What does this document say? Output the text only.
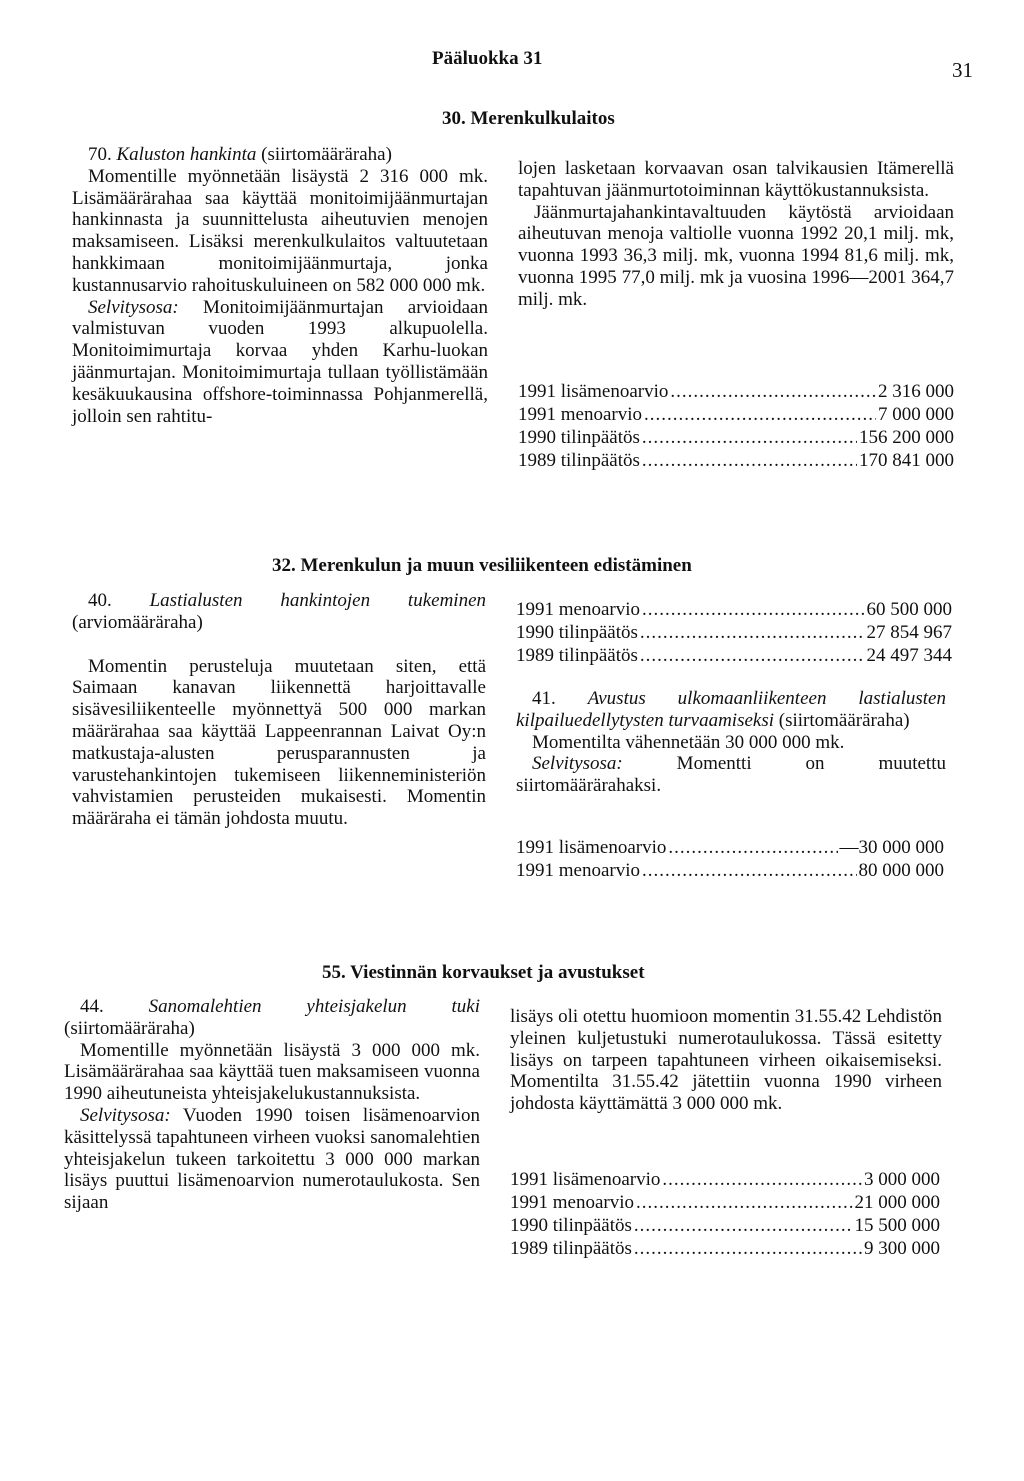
Pääluokka 31	31
30. Merenkulkulaitos

70. Kaluston hankinta (siirtomääräraha)

Momentille myönnetään lisäystä 2 316 000 mk. Lisämäärärahaa saa käyttää monitoimijäänmurtajan hankinnasta ja suunnittelusta aiheutuvien menojen maksamiseen. Lisäksi merenkulkulaitos valtuutetaan hankkimaan monitoimijäänmurtaja, jonka kustannusarvio rahoituskuluineen on 582 000 000 mk.

Selvitysosa: Monitoimijäänmurtajan arvioidaan valmistuvan vuoden 1993 alkupuolella. Monitoimimurtaja korvaa yhden Karhu-luokan jäänmurtajan. Monitoimimurtaja tullaan työllistämään kesäkuukausina offshore-toiminnassa Pohjanmerellä, jolloin sen rahtitu-

lojen lasketaan korvaavan osan talvikausien Itämerellä tapahtuvan jäänmurtotoiminnan käyttökustannuksista.

Jäänmurtajahankintavaltuuden käytöstä arvioidaan aiheutuvan menoja valtiolle vuonna 1992 20,1 milj. mk, vuonna 1993 36,3 milj. mk, vuonna 1994 81,6 milj. mk, vuonna 1995 77,0 milj. mk ja vuosina 1996—2001 364,7 milj. mk.

1991 lisämenoarvio .....	2 316 000
1991 menoarvio .....	7 000 000
1990 tilinpäätös .....	156 200 000
1989 tilinpäätös .....	170 841 000
32. Merenkulun ja muun vesiliikenteen edistäminen

40. Lastialusten hankintojen tukeminen (arviomääräraha)

Momentin perusteluja muutetaan siten, että Saimaan kanavan liikennettä harjoittavalle sisävesiliikenteelle myönnettyä 500 000 markan määrärahaa saa käyttää Lappeenrannan Laivat Oy:n matkustaja-alusten perusparannusten ja varustehankintojen tukemiseen liikenneministeriön vahvistamien perusteiden mukaisesti. Momentin määräraha ei tämän johdosta muutu.

1991 menoarvio .....	60 500 000
1990 tilinpäätös .....	27 854 967
1989 tilinpäätös .....	24 497 344

41. Avustus ulkomaanliikenteen lastialusten kilpailuedellytysten turvaamiseksi (siirtomääräraha)

Momentilta vähennetään 30 000 000 mk.

Selvitysosa: Momentti on muutettu siirtomäärärahaksi.

1991 lisämenoarvio .....	—30 000 000
1991 menoarvio .....	80 000 000
55. Viestinnän korvaukset ja avustukset

44. Sanomalehtien yhteisjakelun tuki (siirtomääräraha)

Momentille myönnetään lisäystä 3 000 000 mk. Lisämäärärahaa saa käyttää tuen maksamiseen vuonna 1990 aiheutuneista yhteisjakelukustannuksista.

Selvitysosa: Vuoden 1990 toisen lisämenoarvion käsittelyssä tapahtuneen virheen vuoksi sanomalehtien yhteisjakelun tukeen tarkoitettu 3 000 000 markan lisäys puuttui lisämenoarvion numerotaulukosta. Sen sijaan

lisäys oli otettu huomioon momentin 31.55.42 Lehdistön yleinen kuljetustuki numerotaulukossa. Tässä esitetty lisäys on tarpeen tapahtuneen virheen oikaisemiseksi. Momentilta 31.55.42 jätettiin vuonna 1990 virheen johdosta käyttämättä 3 000 000 mk.

1991 lisämenoarvio .....	3 000 000
1991 menoarvio .....	21 000 000
1990 tilinpäätös .....	15 500 000
1989 tilinpäätös .....	9 300 000
